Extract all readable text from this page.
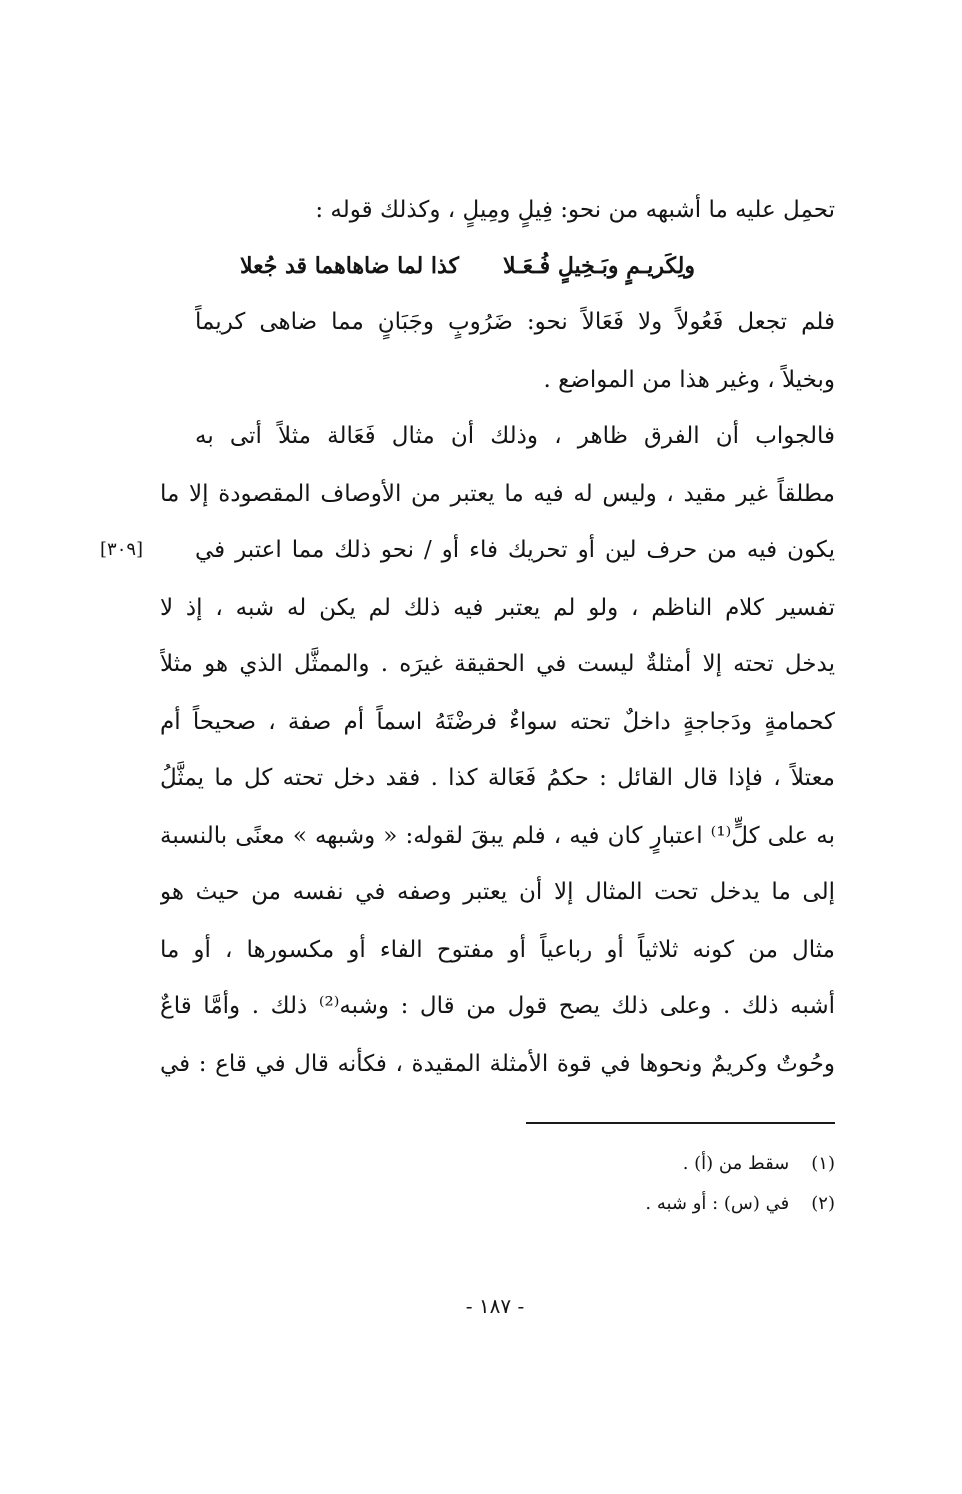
تحمِل عليه ما أشبهه من نحو: فِيلٍ ومِيلٍ ، وكذلك قوله :
ولِكَريـمٍ وبَـخِيلٍ فُـعَـلا
كذا لما ضاهاهما قد جُعلا
فلم تجعل فَعُولاً ولا فَعَالاً نحو: ضَرُوبٍ وجَبَانٍ مما ضاهى كريماً
وبخيلاً ، وغير هذا من المواضع .
فالجواب أن الفرق ظاهر ، وذلك أن مثال فَعَالة مثلاً أتى به
مطلقاً غير مقيد ، وليس له فيه ما يعتبر من الأوصاف المقصودة إلا ما
يكون فيه من حرف لين أو تحريك فاء أو / نحو ذلك مما اعتبر في
[٣٠٩]
تفسير كلام الناظم ، ولو لم يعتبر فيه ذلك لم يكن له شبه ، إذ لا
يدخل تحته إلا أمثلةٌ ليست في الحقيقة غيرَه . والممثَّل الذي هو مثلاً
كحمامةٍ ودَجاجةٍ داخلٌ تحته سواءٌ فرضْتَهُ اسماً أم صفة ، صحيحاً أم
معتلاً ، فإذا قال القائل : حكمُ فَعَالة كذا . فقد دخل تحته كل ما يمثَّلُ
به على كلٍّ⁽¹⁾ اعتبارٍ كان فيه ، فلم يبقَ لقوله: « وشبهه » معنًى بالنسبة
إلى ما يدخل تحت المثال إلا أن يعتبر وصفه في نفسه من حيث هو
مثال من كونه ثلاثياً أو رباعياً أو مفتوح الفاء أو مكسورها ، أو ما
أشبه ذلك . وعلى ذلك يصح قول من قال : وشبه⁽²⁾ ذلك . وأمَّا قاعٌ
وحُوتٌ وكريمٌ ونحوها في قوة الأمثلة المقيدة ، فكأنه قال في قاع : في
(١) سقط من (أ) .
(٢) في (س) : أو شبه .
- ١٨٧ -
